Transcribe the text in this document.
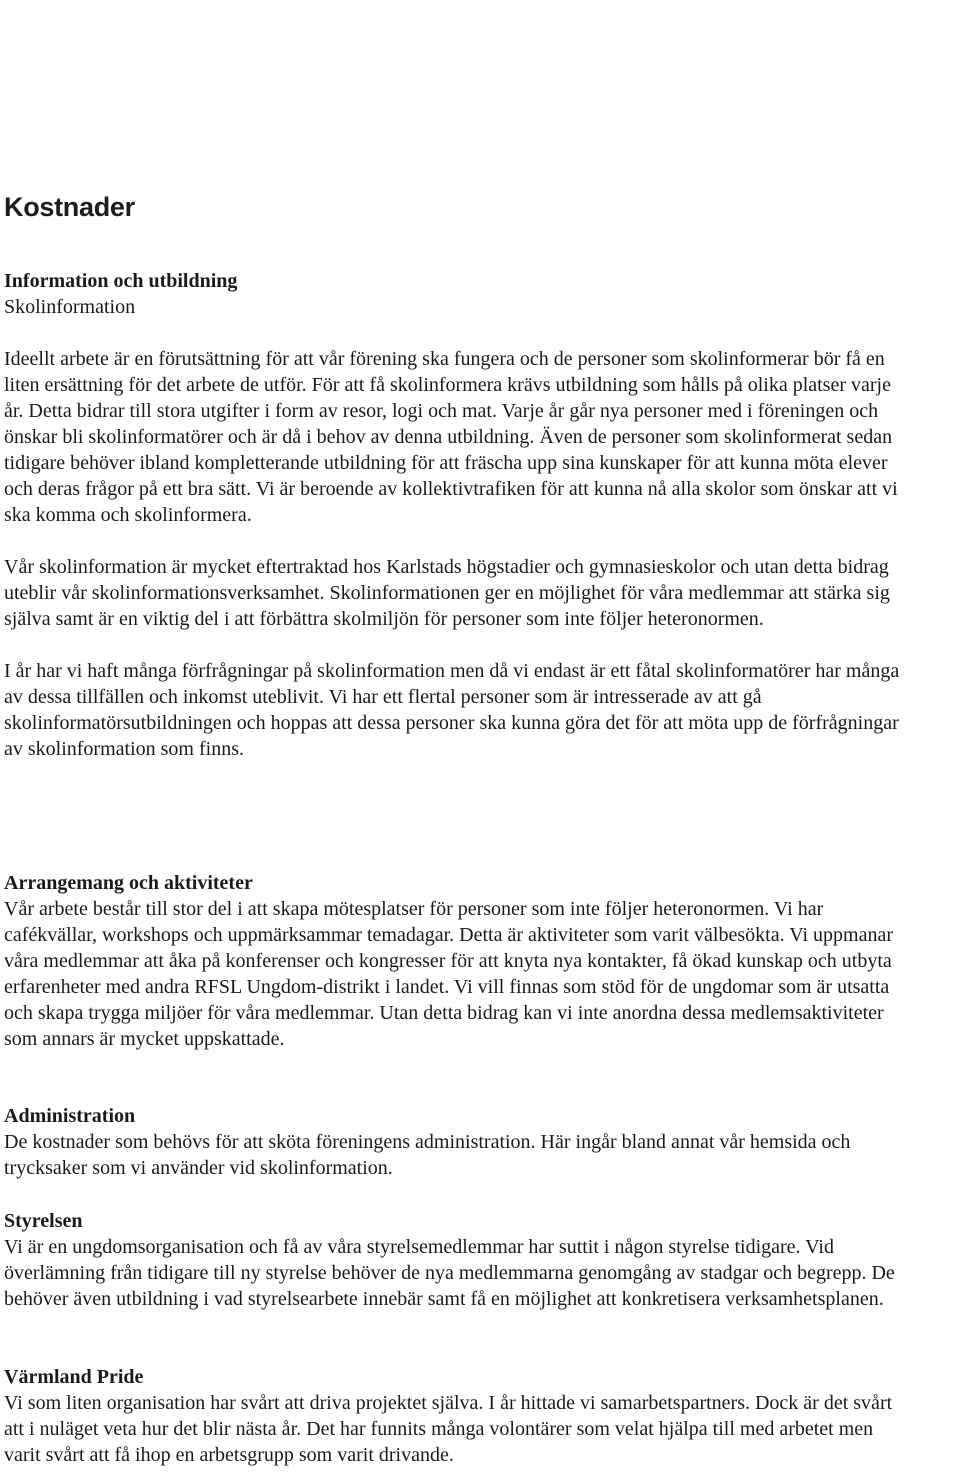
Kostnader

Information och utbildning

Skolinformation

Ideellt arbete är en förutsättning för att vår förening ska fungera och de personer som skolinformerar bör få en liten ersättning för det arbete de utför. För att få skolinformera krävs utbildning som hålls på olika platser varje år. Detta bidrar till stora utgifter i form av resor, logi och mat. Varje år går nya personer med i föreningen och önskar bli skolinformatörer och är då i behov av denna utbildning. Även de personer som skolinformerat sedan tidigare behöver ibland kompletterande utbildning för att fräscha upp sina kunskaper för att kunna möta elever och deras frågor på ett bra sätt. Vi är beroende av kollektivtrafiken för att kunna nå alla skolor som önskar att vi ska komma och skolinformera.

Vår skolinformation är mycket eftertraktad hos Karlstads högstadier och gymnasieskolor och utan detta bidrag uteblir vår skolinformationsverksamhet. Skolinformationen ger en möjlighet för våra medlemmar att stärka sig själva samt är en viktig del i att förbättra skolmiljön för personer som inte följer heteronormen.

I år har vi haft många förfrågningar på skolinformation men då vi endast är ett fåtal skolinformatörer har många av dessa tillfällen och inkomst uteblivit. Vi har ett flertal personer som är intresserade av att gå skolinformatörsutbildningen och hoppas att dessa personer ska kunna göra det för att möta upp de förfrågningar av skolinformation som finns.

Arrangemang och aktiviteter

Vår arbete består till stor del i att skapa mötesplatser för personer som inte följer heteronormen. Vi har cafékvällar, workshops och uppmärksammar temadagar. Detta är aktiviteter som varit välbesökta. Vi uppmanar våra medlemmar att åka på konferenser och kongresser för att knyta nya kontakter, få ökad kunskap och utbyta erfarenheter med andra RFSL Ungdom-distrikt i landet. Vi vill finnas som stöd för de ungdomar som är utsatta och skapa trygga miljöer för våra medlemmar. Utan detta bidrag kan vi inte anordna dessa medlemsaktiviteter som annars är mycket uppskattade.

Administration

De kostnader som behövs för att sköta föreningens administration. Här ingår bland annat vår hemsida och trycksaker som vi använder vid skolinformation.

Styrelsen

Vi är en ungdomsorganisation och få av våra styrelsemedlemmar har suttit i någon styrelse tidigare. Vid överlämning från tidigare till ny styrelse behöver de nya medlemmarna genomgång av stadgar och begrepp. De behöver även utbildning i vad styrelsearbete innebär samt få en möjlighet att konkretisera verksamhetsplanen.

Värmland Pride

Vi som liten organisation har svårt att driva projektet själva. I år hittade vi samarbetspartners. Dock är det svårt att i nuläget veta hur det blir nästa år. Det har funnits många volontärer som velat hjälpa till med arbetet men varit svårt att få ihop en arbetsgrupp som varit drivande.
